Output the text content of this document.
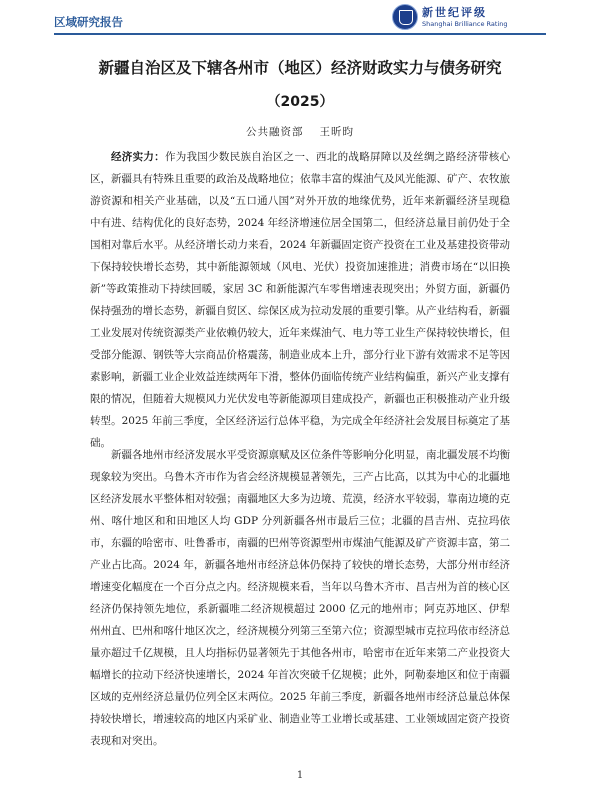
区域研究报告
新世纪评级
Shanghai Brilliance Rating
新疆自治区及下辖各州市（地区）经济财政实力与债务研究
（2025）
公共融资部 王昕昀

经济实力：作为我国少数民族自治区之一、西北的战略屏障以及丝绸之路经济带核心区，新疆具有特殊且重要的政治及战略地位；依靠丰富的煤油气及风光能源、矿产、农牧旅游资源和相关产业基础，以及“五口通八国”对外开放的地缘优势，近年来新疆经济呈现稳中有进、结构优化的良好态势，2024 年经济增速位居全国第二，但经济总量目前仍处于全国相对靠后水平。从经济增长动力来看，2024 年新疆固定资产投资在工业及基建投资带动下保持较快增长态势，其中新能源领域（风电、光伏）投资加速推进；消费市场在“以旧换新”等政策推动下持续回暖，家居 3C 和新能源汽车零售增速表现突出；外贸方面，新疆仍保持强劲的增长态势，新疆自贸区、综保区成为拉动发展的重要引擎。从产业结构看，新疆工业发展对传统资源类产业依赖仍较大，近年来煤油气、电力等工业生产保持较快增长，但受部分能源、钢铁等大宗商品价格震荡，制造业成本上升，部分行业下游有效需求不足等因素影响，新疆工业企业效益连续两年下滑，整体仍面临传统产业结构偏重，新兴产业支撑有限的情况，但随着大规模风力光伏发电等新能源项目建成投产，新疆也正积极推动产业升级转型。2025 年前三季度，全区经济运行总体平稳，为完成全年经济社会发展目标奠定了基础。

新疆各地州市经济发展水平受资源禀赋及区位条件等影响分化明显，南北疆发展不均衡现象较为突出。乌鲁木齐市作为省会经济规模显著领先，三产占比高，以其为中心的北疆地区经济发展水平整体相对较强；南疆地区大多为边境、荒漠，经济水平较弱，靠南边境的克州、喀什地区和和田地区人均 GDP 分列新疆各州市最后三位；北疆的昌吉州、克拉玛依市，东疆的哈密市、吐鲁番市，南疆的巴州等资源型州市煤油气能源及矿产资源丰富，第二产业占比高。2024 年，新疆各地州市经济总体仍保持了较快的增长态势，大部分州市经济增速变化幅度在一个百分点之内。经济规模来看，当年以乌鲁木齐市、昌吉州为首的核心区经济仍保持领先地位，系新疆唯二经济规模超过 2000 亿元的地州市；阿克苏地区、伊犁州州直、巴州和喀什地区次之，经济规模分列第三至第六位；资源型城市克拉玛依市经济总量亦超过千亿规模，且人均指标仍显著领先于其他各州市，哈密市在近年来第二产业投资大幅增长的拉动下经济快速增长，2024 年首次突破千亿规模；此外，阿勒泰地区和位于南疆区域的克州经济总量仍位列全区末两位。2025 年前三季度，新疆各地州市经济总量总体保持较快增长，增速较高的地区内采矿业、制造业等工业增长或基建、工业领域固定资产投资表现和对突出。

1
